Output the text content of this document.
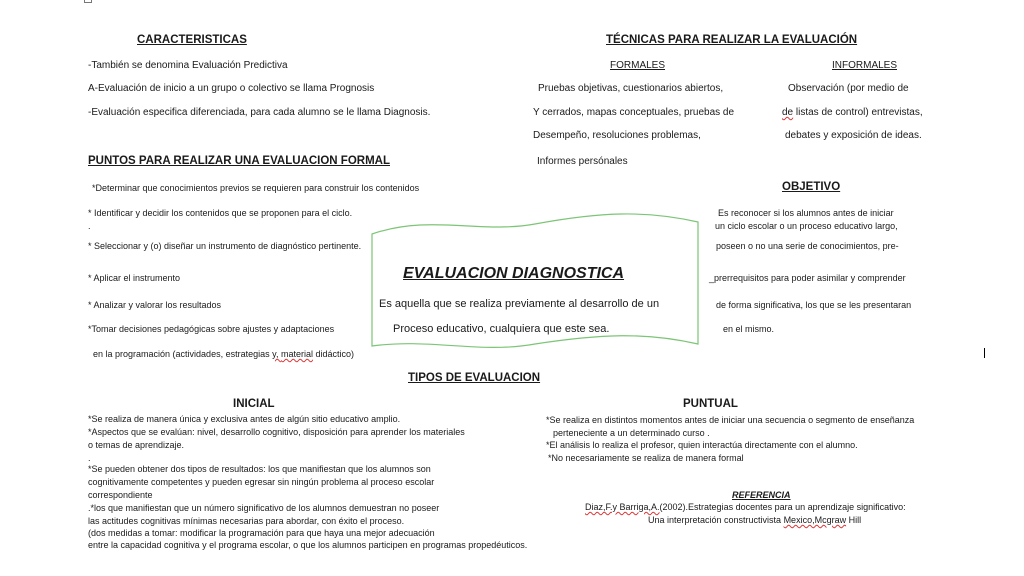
CARACTERISTICAS
-También se denomina Evaluación Predictiva
A-Evaluación de inicio a un grupo o colectivo se llama Prognosis
-Evaluación especifica diferenciada, para cada alumno se le llama Diagnosis.
TÉCNICAS PARA REALIZAR LA EVALUACIÓN
FORMALES	INFORMALES
Pruebas objetivas, cuestionarios abiertos,
Y cerrados, mapas conceptuales, pruebas de
Desempeño, resoluciones problemas,
Informes persónales
Observación (por medio de
de listas de control) entrevistas,
debates y exposición de ideas.
PUNTOS PARA REALIZAR UNA EVALUACION FORMAL
*Determinar que conocimientos previos se requieren para construir los contenidos
* Identificar y decidir los contenidos que se proponen para el ciclo.
.
* Seleccionar y (o) diseñar un instrumento de diagnóstico pertinente.
* Aplicar el instrumento
* Analizar y valorar los resultados
*Tomar decisiones pedagógicas sobre ajustes y adaptaciones
en la programación (actividades, estrategias y, material didáctico)
EVALUACION DIAGNOSTICA
Es aquella que se realiza previamente al desarrollo de un
Proceso educativo, cualquiera que este sea.
OBJETIVO
Es reconocer si los alumnos antes de iniciar
un ciclo escolar o un proceso educativo largo,
poseen o no una serie de conocimientos, pre-
_prerrequisitos para poder asimilar y comprender
de forma significativa, los que se les presentaran
en el mismo.
TIPOS DE EVALUACION
INICIAL	PUNTUAL
*Se realiza de manera única y exclusiva antes de algún sitio educativo amplio.
*Aspectos que se evalúan: nivel, desarrollo cognitivo, disposición para aprender los materiales
o temas de aprendizaje.
.
*Se pueden obtener dos tipos de resultados: los que manifiestan que los alumnos son
cognitivamente competentes y pueden egresar sin ningún problema al proceso escolar
correspondiente
.*los que manifiestan que un número significativo de los alumnos demuestran no poseer
las actitudes cognitivas mínimas necesarias para abordar, con éxito el proceso.
(dos medidas a tomar: modificar la programación para que haya una mejor adecuación
entre la capacidad cognitiva y el programa escolar, o que los alumnos participen en programas propedéuticos.
*Se realiza en distintos momentos antes de iniciar una secuencia o segmento de enseñanza
perteneciente a un determinado curso .
*El análisis lo realiza el profesor, quien interactúa directamente con el alumno.
*No necesariamente se realiza de manera formal
REFERENCIA
Diaz,F.y Barriga,A.(2002).Estrategias docentes para un aprendizaje significativo:
Una interpretación constructivista Mexico,Mcgraw Hill
